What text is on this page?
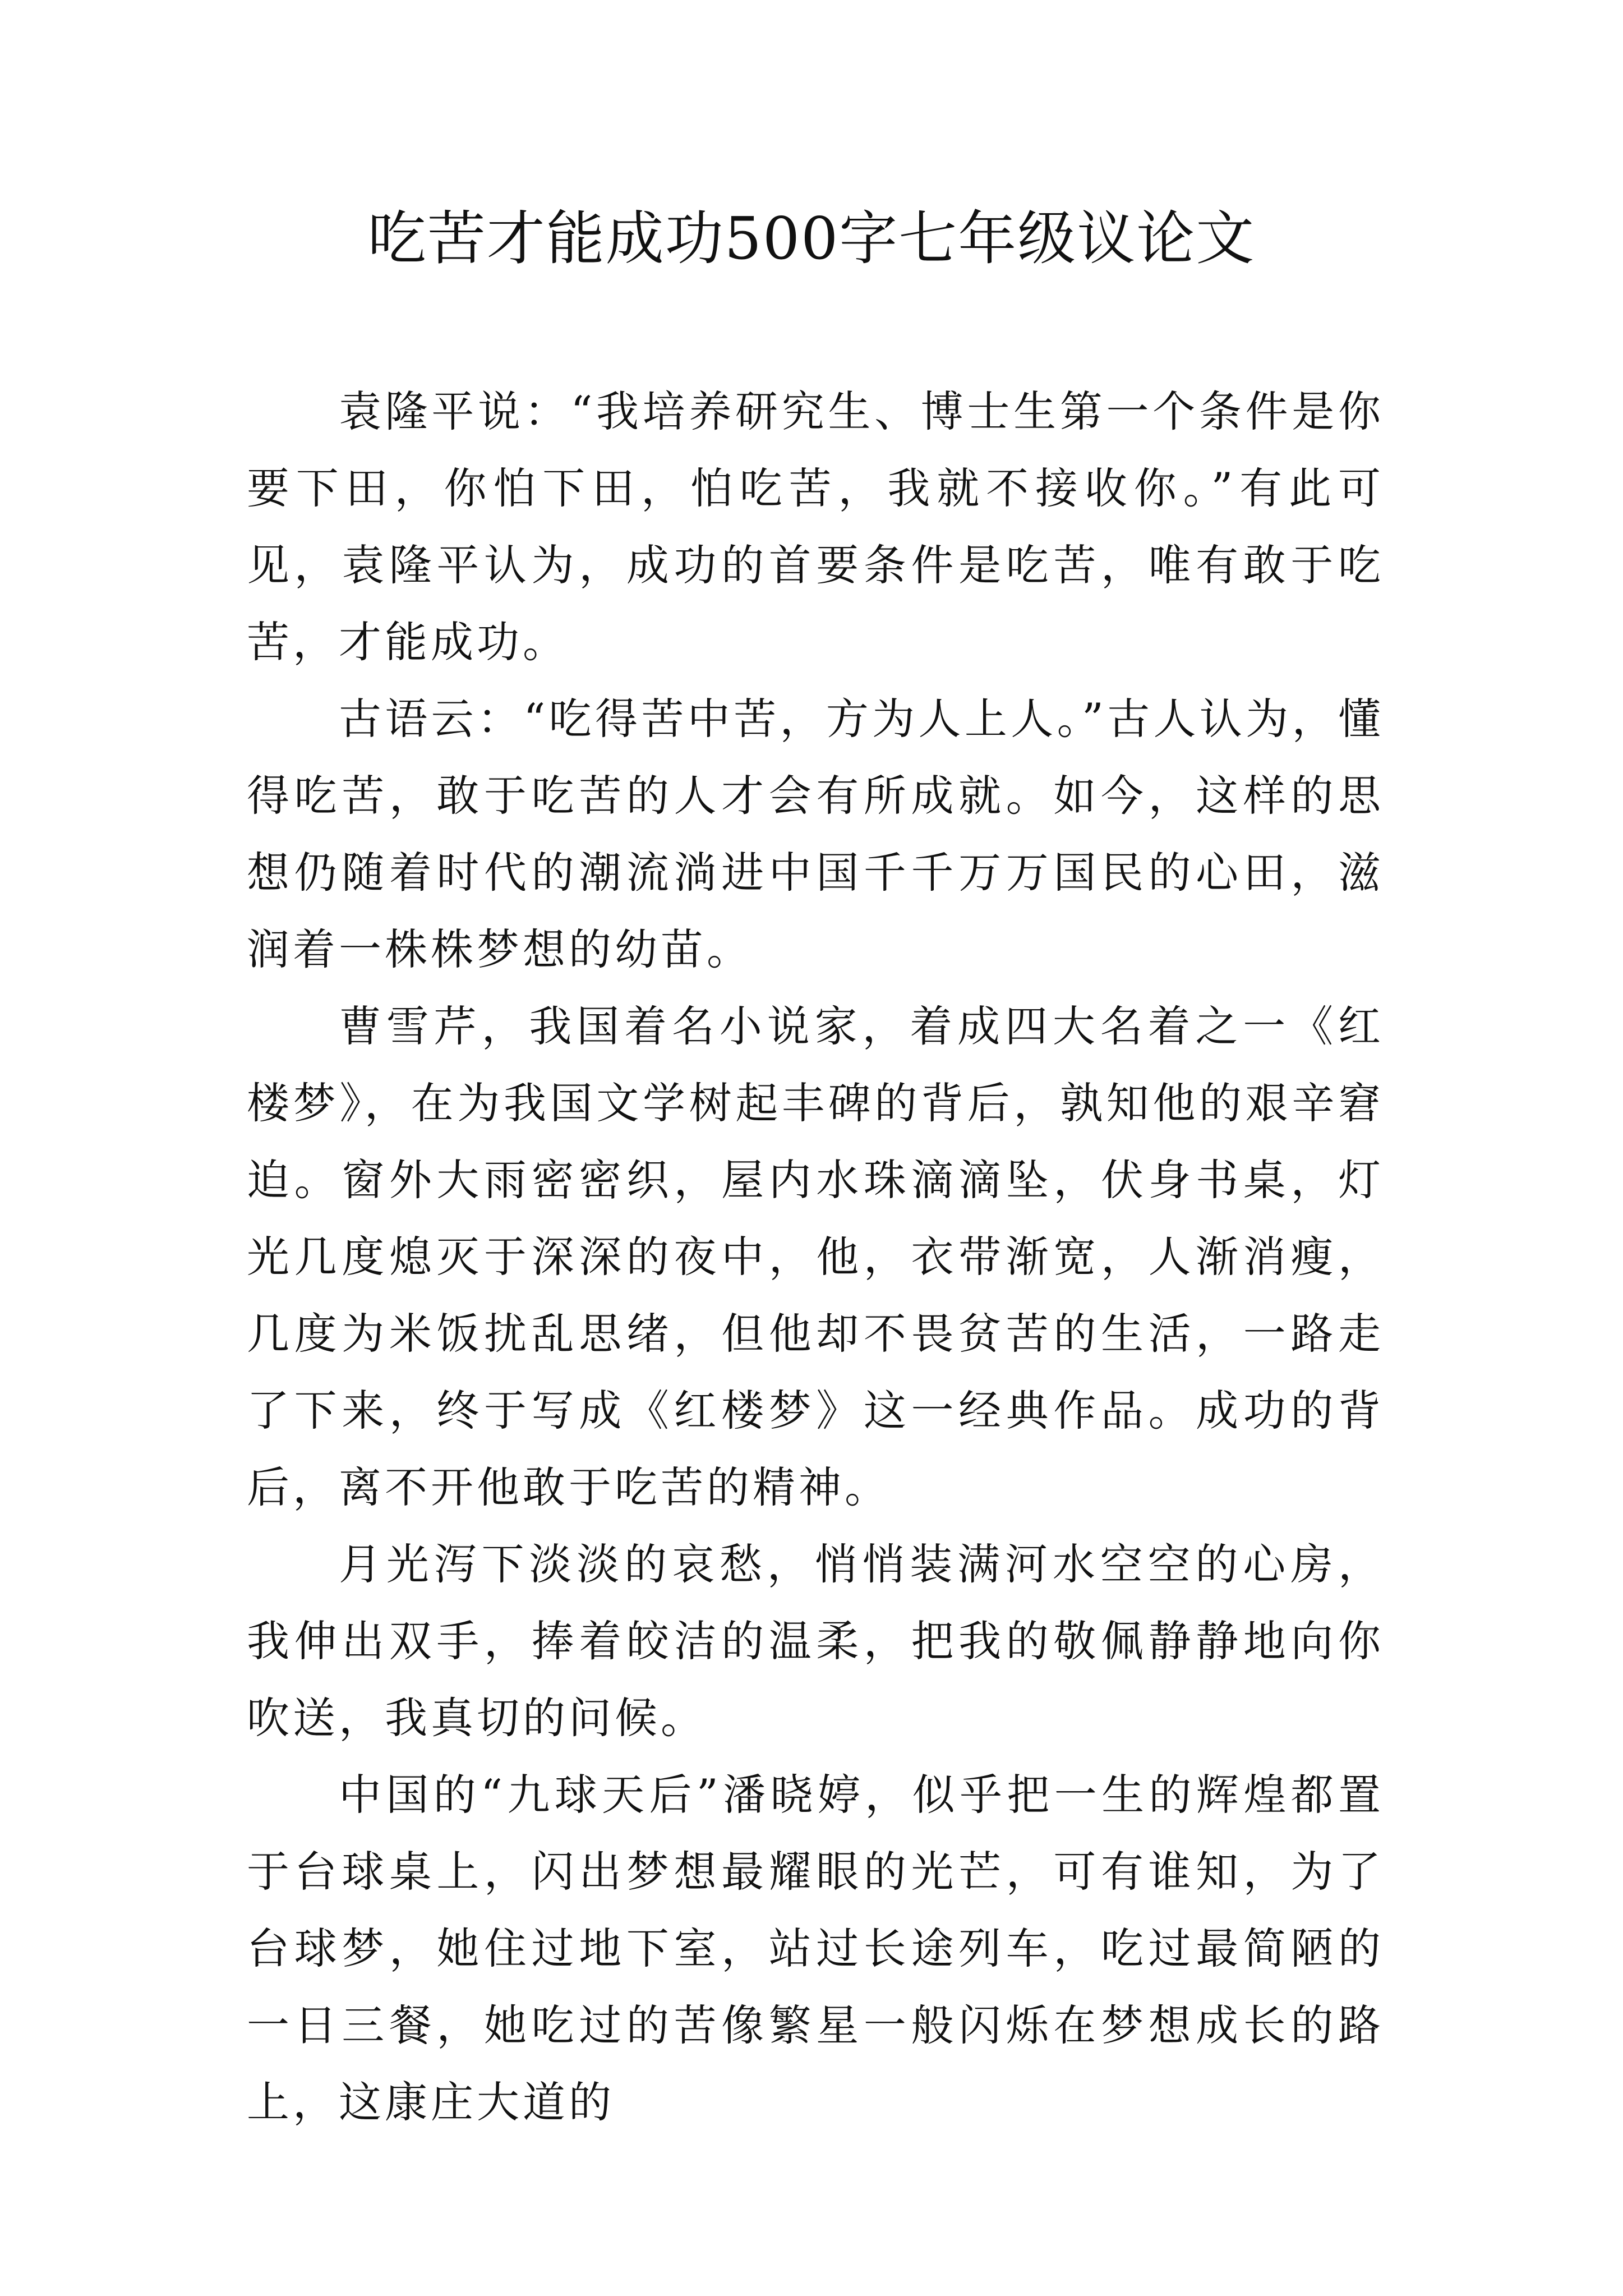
吃苦才能成功500字七年级议论文

袁隆平说：“我培养研究生、博士生第一个条件是你要下田，你怕下田，怕吃苦，我就不接收你。”有此可见，袁隆平认为，成功的首要条件是吃苦，唯有敢于吃苦，才能成功。

古语云：“吃得苦中苦，方为人上人。”古人认为，懂得吃苦，敢于吃苦的人才会有所成就。如今，这样的思想仍随着时代的潮流淌进中国千千万万国民的心田，滋润着一株株梦想的幼苗。

曹雪芹，我国着名小说家，着成四大名着之一《红楼梦》，在为我国文学树起丰碑的背后，孰知他的艰辛窘迫。窗外大雨密密织，屋内水珠滴滴坠，伏身书桌，灯光几度熄灭于深深的夜中，他，衣带渐宽，人渐消瘦，几度为米饭扰乱思绪，但他却不畏贫苦的生活，一路走了下来，终于写成《红楼梦》这一经典作品。成功的背后，离不开他敢于吃苦的精神。

月光泻下淡淡的哀愁，悄悄装满河水空空的心房，我伸出双手，捧着皎洁的温柔，把我的敬佩静静地向你吹送，我真切的问候。

中国的“九球天后”潘晓婷，似乎把一生的辉煌都置于台球桌上，闪出梦想最耀眼的光芒，可有谁知，为了台球梦，她住过地下室，站过长途列车，吃过最简陋的一日三餐，她吃过的苦像繁星一般闪烁在梦想成长的路上，这康庄大道的
